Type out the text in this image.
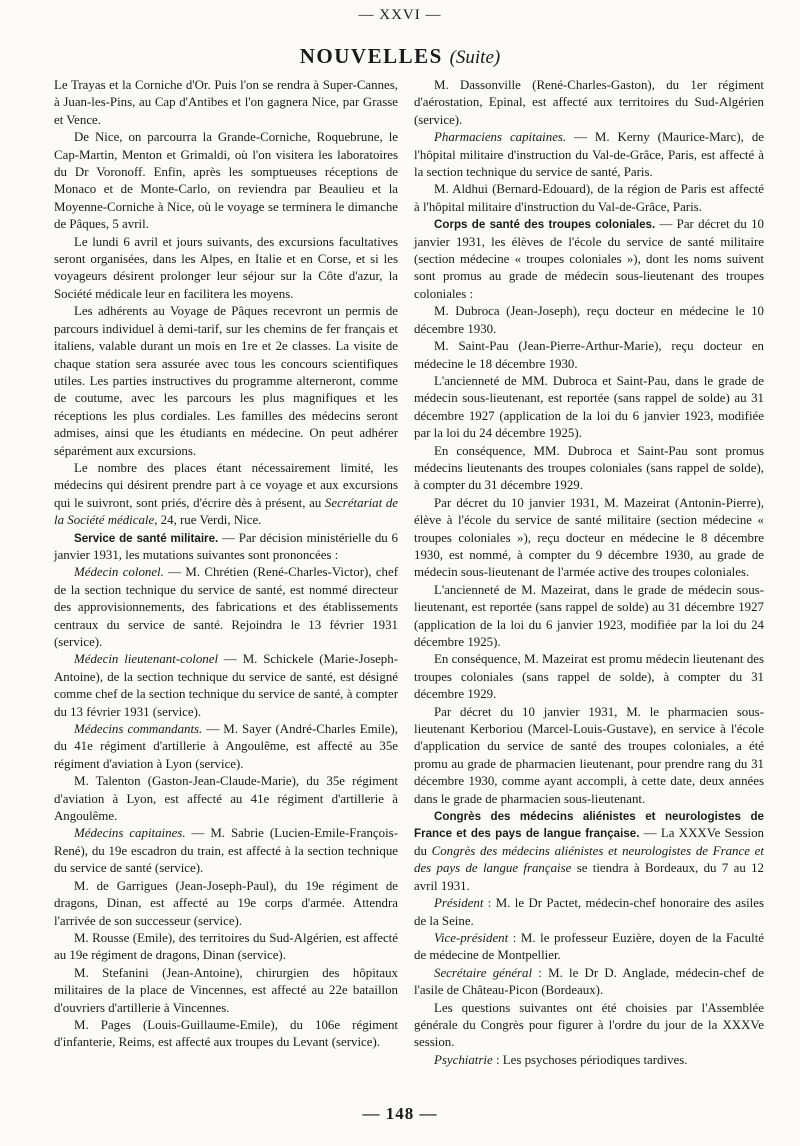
— XXVI —
NOUVELLES (Suite)

Le Trayas et la Corniche d'Or. Puis l'on se rendra à Super-Cannes, à Juan-les-Pins, au Cap d'Antibes et l'on gagnera Nice, par Grasse et Vence.

De Nice, on parcourra la Grande-Corniche, Roquebrune, le Cap-Martin, Menton et Grimaldi, où l'on visitera les laboratoires du Dr Voronoff. Enfin, après les somptueuses réceptions de Monaco et de Monte-Carlo, on reviendra par Beaulieu et la Moyenne-Corniche à Nice, où le voyage se terminera le dimanche de Pâques, 5 avril.

Le lundi 6 avril et jours suivants, des excursions facultatives seront organisées, dans les Alpes, en Italie et en Corse, et si les voyageurs désirent prolonger leur séjour sur la Côte d'azur, la Société médicale leur en facilitera les moyens.

Les adhérents au Voyage de Pâques recevront un permis de parcours individuel à demi-tarif, sur les chemins de fer français et italiens, valable durant un mois en 1re et 2e classes. La visite de chaque station sera assurée avec tous les concours scientifiques utiles. Les parties instructives du programme alterneront, comme de coutume, avec les parcours les plus magnifiques et les réceptions les plus cordiales. Les familles des médecins seront admises, ainsi que les étudiants en médecine. On peut adhérer séparément aux excursions.

Le nombre des places étant nécessairement limité, les médecins qui désirent prendre part à ce voyage et aux excursions qui le suivront, sont priés, d'écrire dès à présent, au Secrétariat de la Société médicale, 24, rue Verdi, Nice.

Service de santé militaire. — Par décision ministérielle du 6 janvier 1931, les mutations suivantes sont prononcées :

Médecin colonel. — M. Chrétien (René-Charles-Victor), chef de la section technique du service de santé, est nommé directeur des approvisionnements, des fabrications et des établissements centraux du service de santé. Rejoindra le 13 février 1931 (service).

Médecin lieutenant-colonel — M. Schickele (Marie-Joseph-Antoine), de la section technique du service de santé, est désigné comme chef de la section technique du service de santé, à compter du 13 février 1931 (service).

Médecins commandants. — M. Sayer (André-Charles Emile), du 41e régiment d'artillerie à Angoulême, est affecté au 35e régiment d'aviation à Lyon (service).

M. Talenton (Gaston-Jean-Claude-Marie), du 35e régiment d'aviation à Lyon, est affecté au 41e régiment d'artillerie à Angoulême.

Médecins capitaines. — M. Sabrie (Lucien-Emile-François-René), du 19e escadron du train, est affecté à la section technique du service de santé (service).

M. de Garrigues (Jean-Joseph-Paul), du 19e régiment de dragons, Dinan, est affecté au 19e corps d'armée. Attendra l'arrivée de son successeur (service).

M. Rousse (Emile), des territoires du Sud-Algérien, est affecté au 19e régiment de dragons, Dinan (service).

M. Stefanini (Jean-Antoine), chirurgien des hôpitaux militaires de la place de Vincennes, est affecté au 22e bataillon d'ouvriers d'artillerie à Vincennes.

M. Pages (Louis-Guillaume-Emile), du 106e régiment d'infanterie, Reims, est affecté aux troupes du Levant (service).

M. Dassonville (René-Charles-Gaston), du 1er régiment d'aérostation, Epinal, est affecté aux territoires du Sud-Algérien (service).

Pharmaciens capitaines. — M. Kerny (Maurice-Marc), de l'hôpital militaire d'instruction du Val-de-Grâce, Paris, est affecté à la section technique du service de santé, Paris.

M. Aldhui (Bernard-Edouard), de la région de Paris est affecté à l'hôpital militaire d'instruction du Val-de-Grâce, Paris.

Corps de santé des troupes coloniales. — Par décret du 10 janvier 1931, les élèves de l'école du service de santé militaire (section médecine « troupes coloniales »), dont les noms suivent sont promus au grade de médecin sous-lieutenant des troupes coloniales :

M. Dubroca (Jean-Joseph), reçu docteur en médecine le 10 décembre 1930.

M. Saint-Pau (Jean-Pierre-Arthur-Marie), reçu docteur en médecine le 18 décembre 1930.

L'ancienneté de MM. Dubroca et Saint-Pau, dans le grade de médecin sous-lieutenant, est reportée (sans rappel de solde) au 31 décembre 1927 (application de la loi du 6 janvier 1923, modifiée par la loi du 24 décembre 1925).

En conséquence, MM. Dubroca et Saint-Pau sont promus médecins lieutenants des troupes coloniales (sans rappel de solde), à compter du 31 décembre 1929.

Par décret du 10 janvier 1931, M. Mazeirat (Antonin-Pierre), élève à l'école du service de santé militaire (section médecine « troupes coloniales »), reçu docteur en médecine le 8 décembre 1930, est nommé, à compter du 9 décembre 1930, au grade de médecin sous-lieutenant de l'armée active des troupes coloniales.

L'ancienneté de M. Mazeirat, dans le grade de médecin sous-lieutenant, est reportée (sans rappel de solde) au 31 décembre 1927 (application de la loi du 6 janvier 1923, modifiée par la loi du 24 décembre 1925).

En conséquence, M. Mazeirat est promu médecin lieutenant des troupes coloniales (sans rappel de solde), à compter du 31 décembre 1929.

Par décret du 10 janvier 1931, M. le pharmacien sous-lieutenant Kerboriou (Marcel-Louis-Gustave), en service à l'école d'application du service de santé des troupes coloniales, a été promu au grade de pharmacien lieutenant, pour prendre rang du 31 décembre 1930, comme ayant accompli, à cette date, deux années dans le grade de pharmacien sous-lieutenant.

Congrès des médecins aliénistes et neurologistes de France et des pays de langue française. — La XXXVe Session du Congrès des médecins aliénistes et neurologistes de France et des pays de langue française se tiendra à Bordeaux, du 7 au 12 avril 1931.

Président : M. le Dr Pactet, médecin-chef honoraire des asiles de la Seine.

Vice-président : M. le professeur Euzière, doyen de la Faculté de médecine de Montpellier.

Secrétaire général : M. le Dr D. Anglade, médecin-chef de l'asile de Château-Picon (Bordeaux).

Les questions suivantes ont été choisies par l'Assemblée générale du Congrès pour figurer à l'ordre du jour de la XXXVe session.

Psychiatrie : Les psychoses périodiques tardives.

— 148 —
